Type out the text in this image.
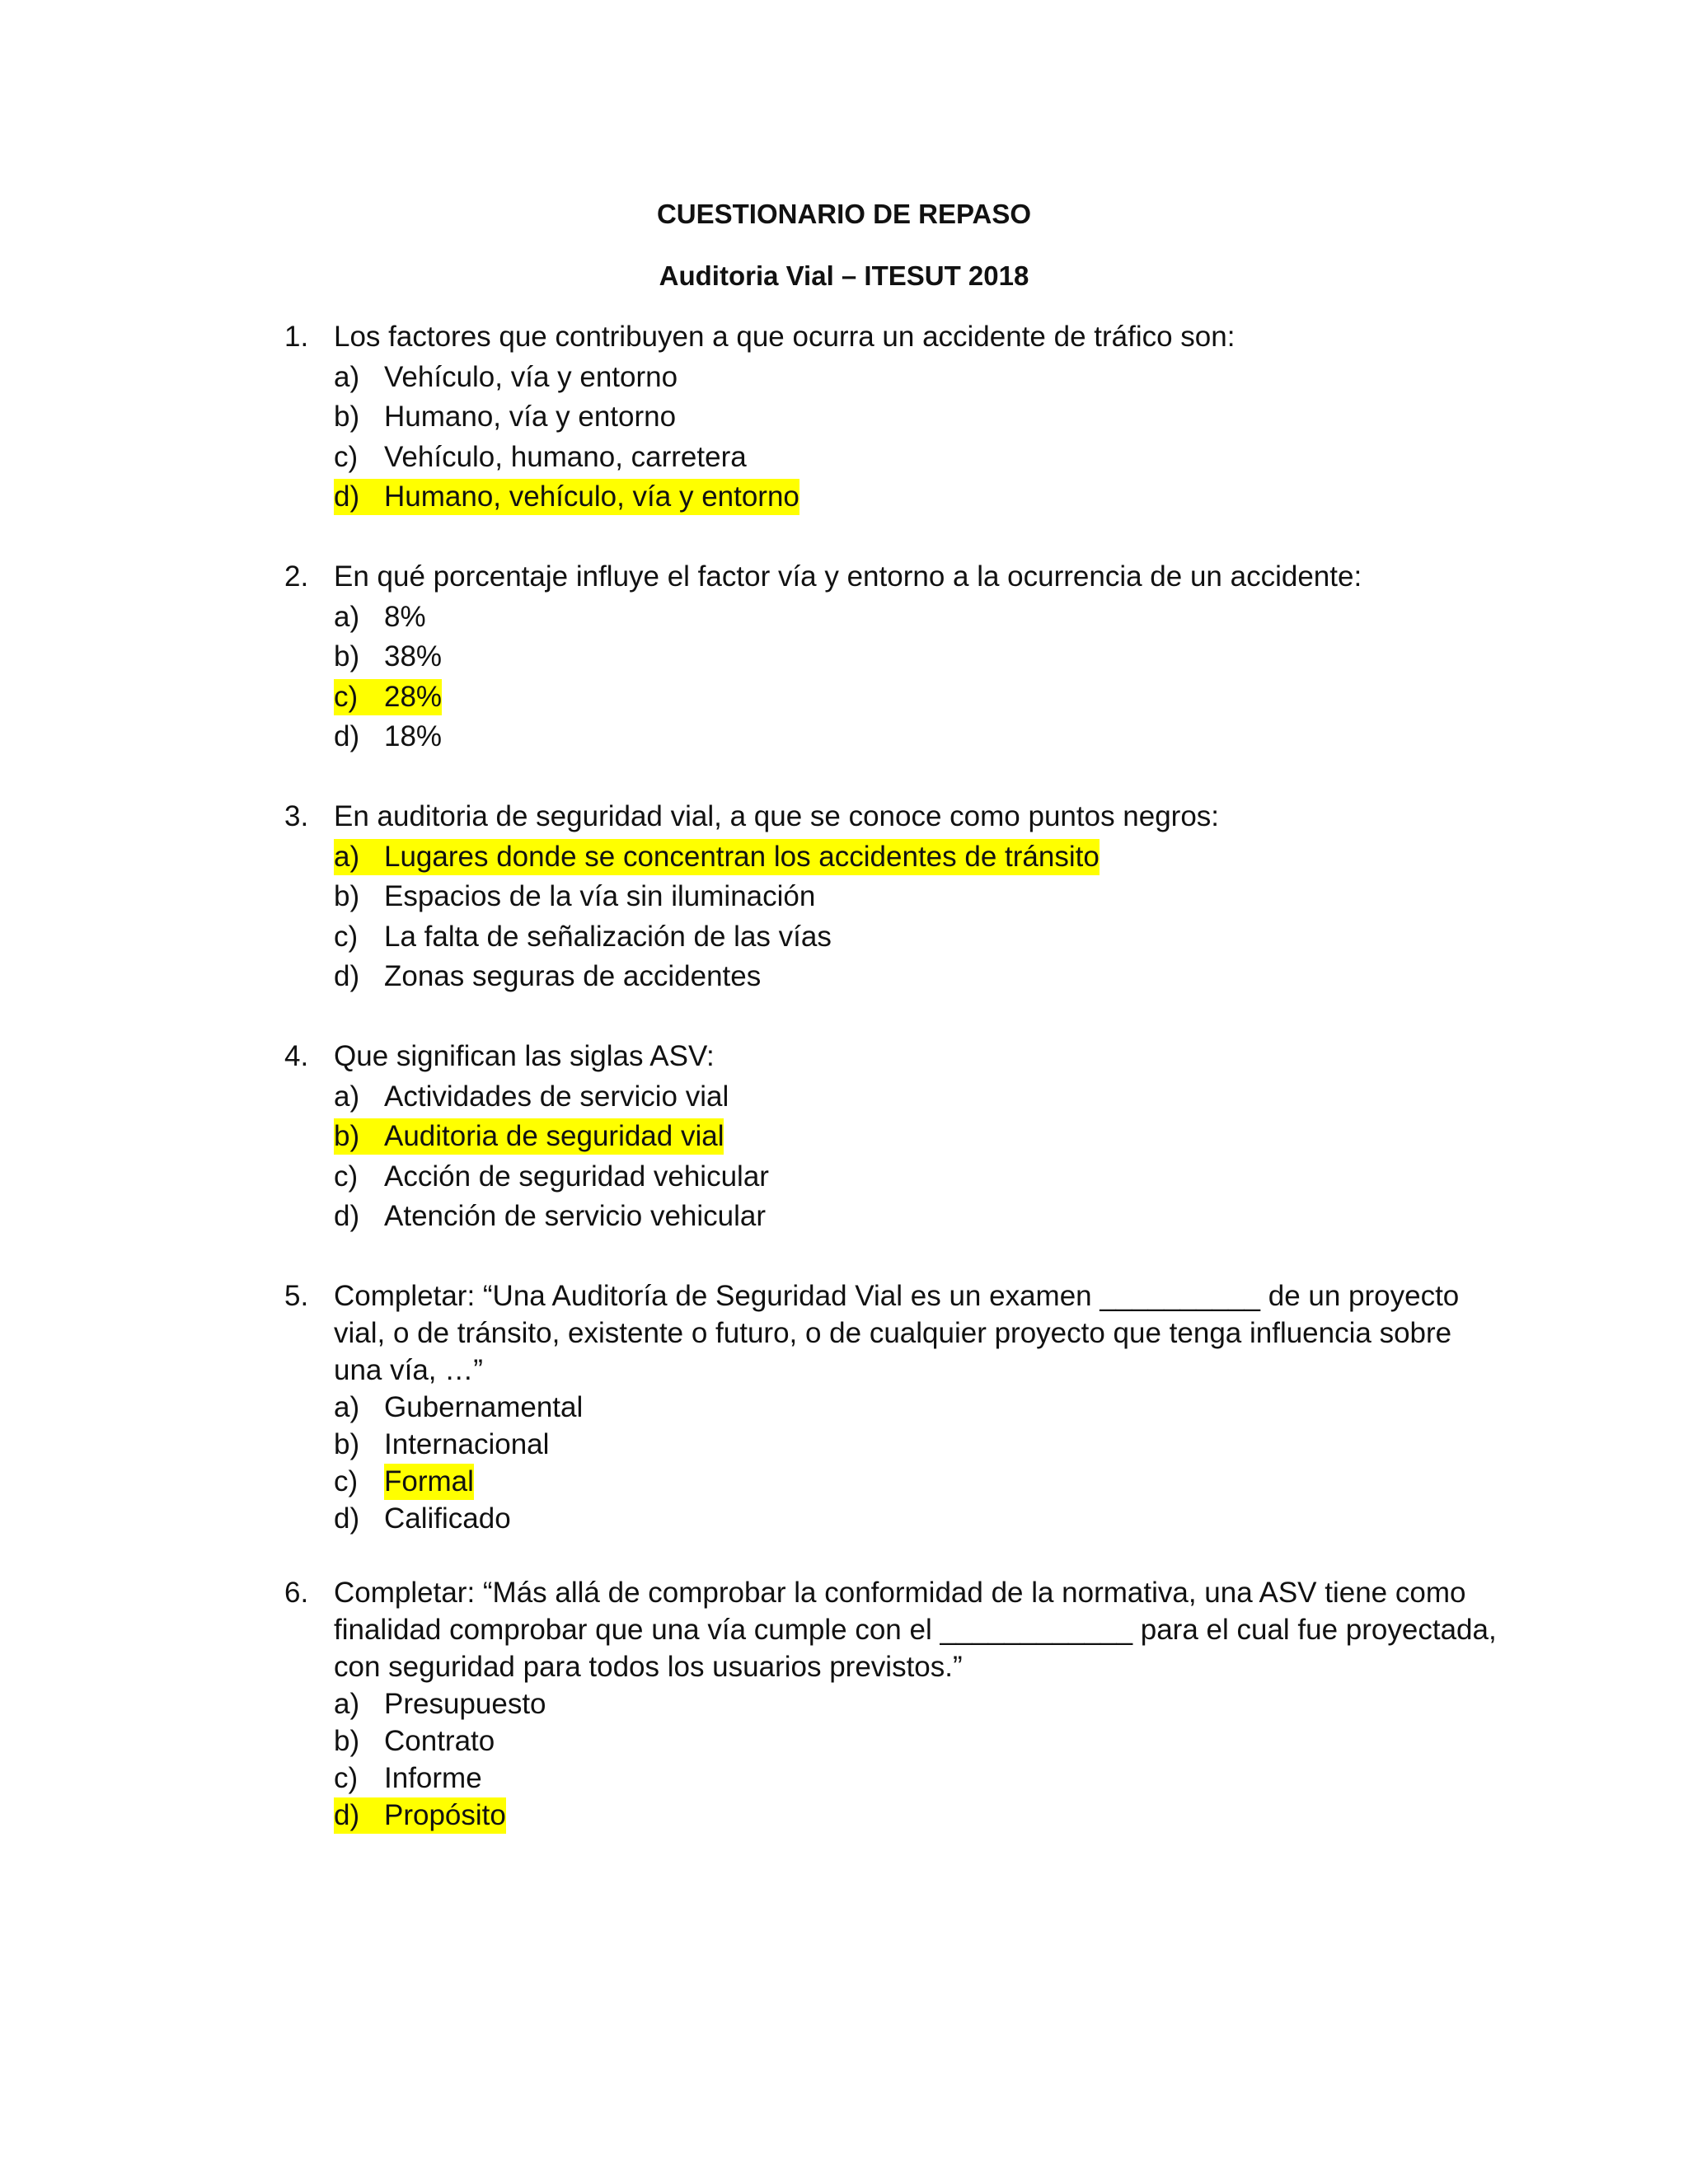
CUESTIONARIO DE REPASO
Auditoria Vial – ITESUT 2018
1. Los factores que contribuyen a que ocurra un accidente de tráfico son:
a) Vehículo, vía y entorno
b) Humano, vía y entorno
c) Vehículo, humano, carretera
d) Humano, vehículo, vía y entorno
2. En qué porcentaje influye el factor vía y entorno a la ocurrencia de un accidente:
a) 8%
b) 38%
c) 28%
d) 18%
3. En auditoria de seguridad vial, a que se conoce como puntos negros:
a) Lugares donde se concentran los accidentes de tránsito
b) Espacios de la vía sin iluminación
c) La falta de señalización de las vías
d) Zonas seguras de accidentes
4. Que significan las siglas ASV:
a) Actividades de servicio vial
b) Auditoria de seguridad vial
c) Acción de seguridad vehicular
d) Atención de servicio vehicular
5. Completar: “Una Auditoría de Seguridad Vial es un examen __________ de un proyecto
vial, o de tránsito, existente o futuro, o de cualquier proyecto que tenga influencia sobre
una vía, …”
a) Gubernamental
b) Internacional
c) Formal
d) Calificado
6. Completar: “Más allá de comprobar la conformidad de la normativa, una ASV tiene como
finalidad comprobar que una vía cumple con el ____________ para el cual fue proyectada,
con seguridad para todos los usuarios previstos.”
a) Presupuesto
b) Contrato
c) Informe
d) Propósito
